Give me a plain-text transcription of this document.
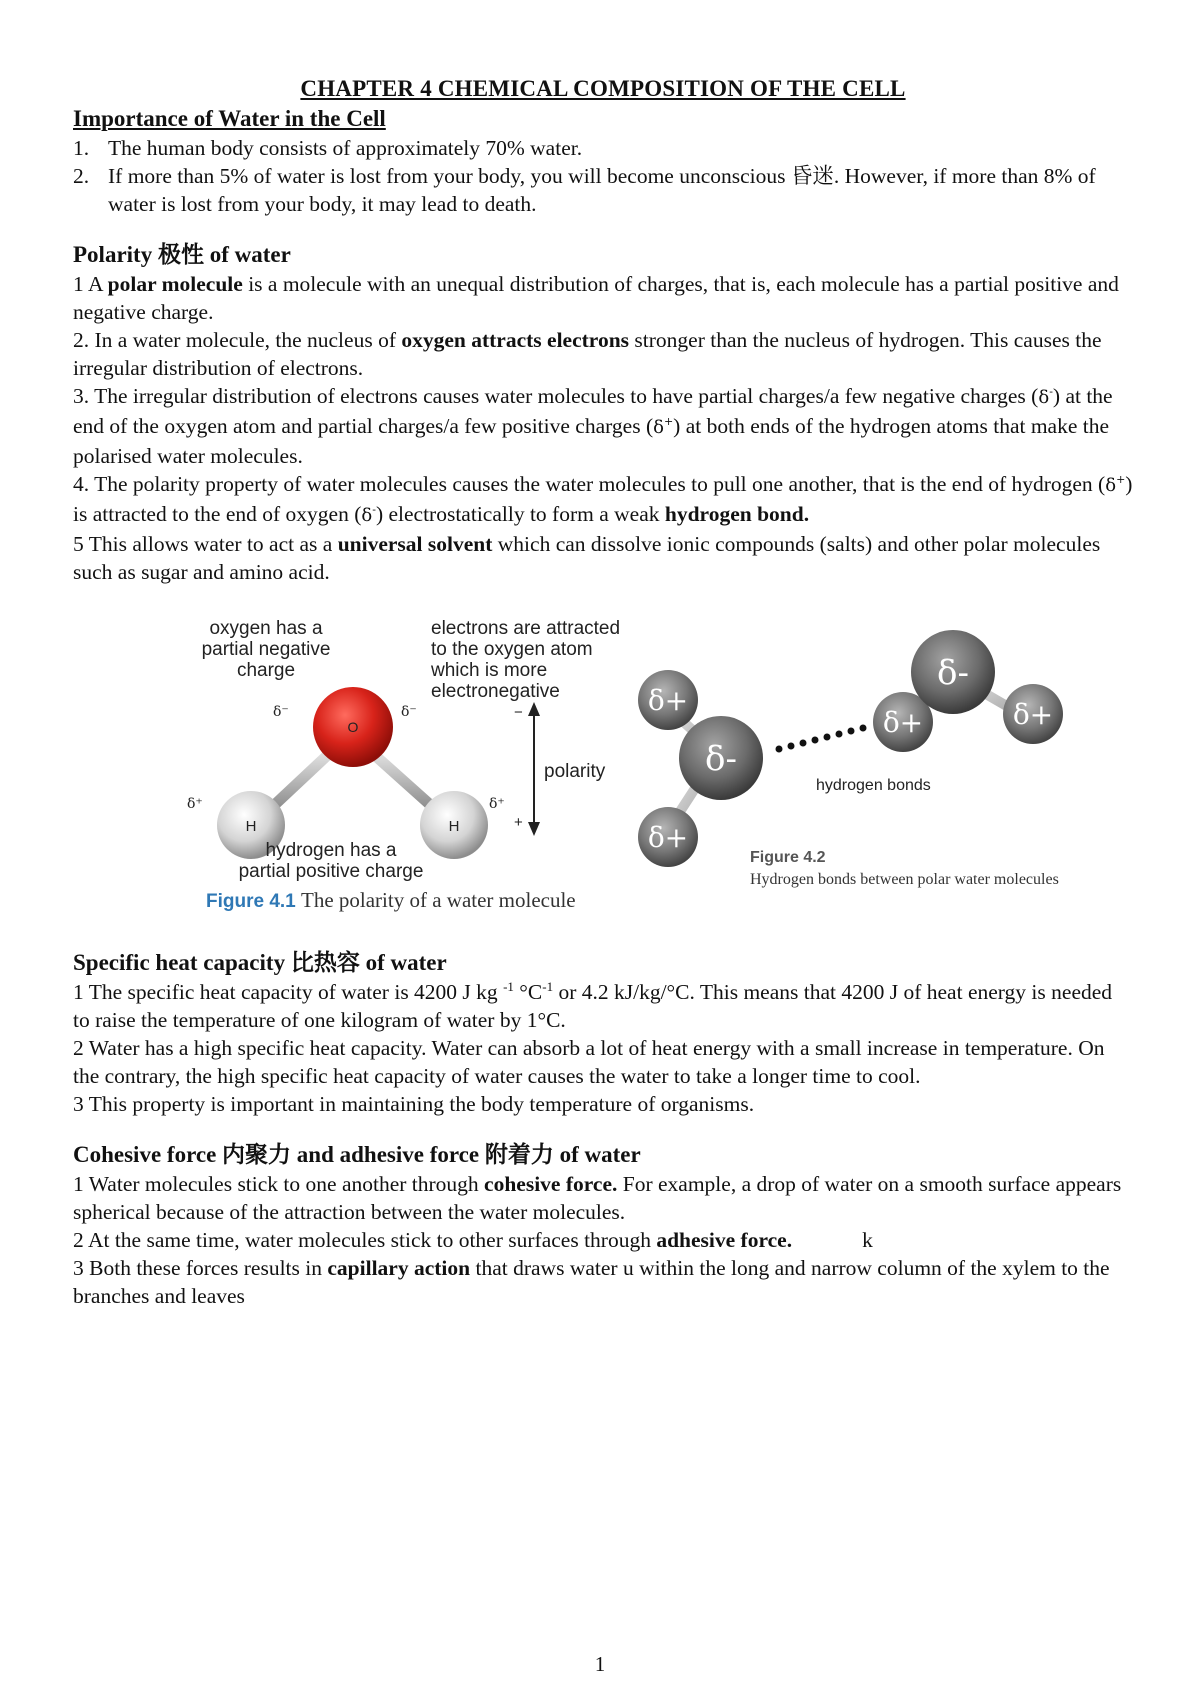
CHAPTER 4 CHEMICAL COMPOSITION OF THE CELL
Importance of Water in the Cell
1. The human body consists of approximately 70% water.
2. If more than 5% of water is lost from your body, you will become unconscious 昏迷. However, if more than 8% of water is lost from your body, it may lead to death.
Polarity 极性 of water

1 A polar molecule is a molecule with an unequal distribution of charges, that is, each molecule has a partial positive and negative charge.

2. In a water molecule, the nucleus of oxygen attracts electrons stronger than the nucleus of hydrogen. This causes the irregular distribution of electrons.

3. The irregular distribution of electrons causes water molecules to have partial charges/a few negative charges (δ-) at the end of the oxygen atom and partial charges/a few positive charges (δ+) at both ends of the hydrogen atoms that make the polarised water molecules.

4. The polarity property of water molecules causes the water molecules to pull one another, that is the end of hydrogen (δ+) is attracted to the end of oxygen (δ-) electrostatically to form a weak hydrogen bond.

5 This allows water to act as a universal solvent which can dissolve ionic compounds (salts) and other polar molecules such as sugar and amino acid.

oxygen has a
partial negative
charge
electrons are attracted
to the oxygen atom
which is more
electronegative
O
H	H
δ⁻	δ⁻
δ⁺	δ⁺
−
+
polarity
hydrogen has a
partial positive charge
Figure 4.1 The polarity of a water molecule
δ+
δ-
δ+
hydrogen bonds
δ+
δ-
δ+
Figure 4.2
Hydrogen bonds between polar water molecules
Specific heat capacity 比热容 of water

1 The specific heat capacity of water is 4200 J kg $^{-1}$ $^\circ C^{-1}$ or 4.2 kJ/kg/°C. This means that 4200 J of heat energy is needed to raise the temperature of one kilogram of water by 1°C.

2 Water has a high specific heat capacity. Water can absorb a lot of heat energy with a small increase in temperature. On the contrary, the high specific heat capacity of water causes the water to take a longer time to cool.

3 This property is important in maintaining the body temperature of organisms.

Cohesive force 内聚力 and adhesive force 附着力 of water

1 Water molecules stick to one another through cohesive force. For example, a drop of water on a smooth surface appears spherical because of the attraction between the water molecules.

2 At the same time, water molecules stick to other surfaces through adhesive force.	k

3 Both these forces results in capillary action that draws water u within the long and narrow column of the xylem to the branches and leaves

1
